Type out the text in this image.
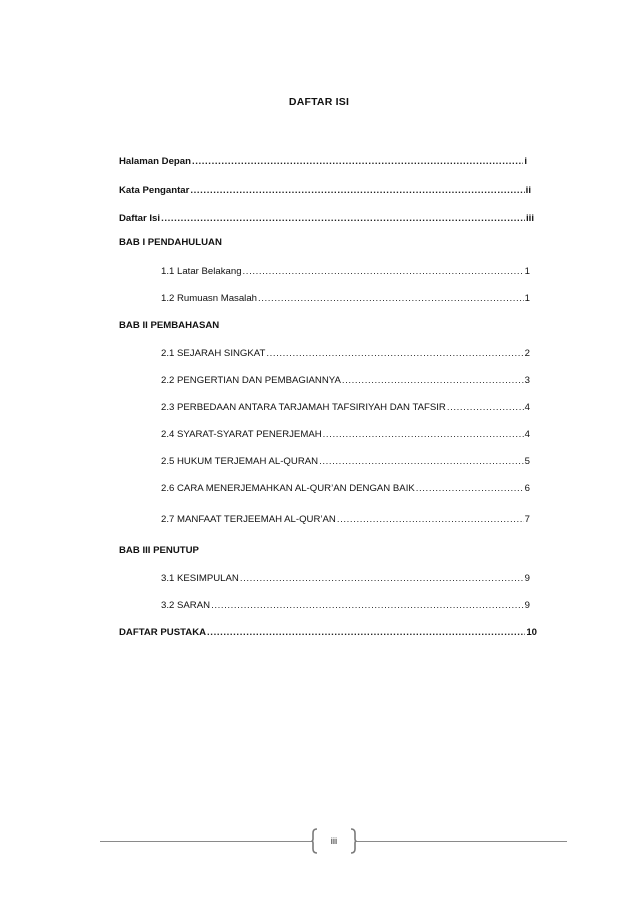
DAFTAR ISI
Halaman Depan .....	i
Kata Pengantar .....	ii
Daftar Isi .....	iii
BAB I PENDAHULUAN
1.1 Latar Belakang .....	1
1.2 Rumuasn Masalah .....	1
BAB II PEMBAHASAN
2.1 SEJARAH SINGKAT .....	2
2.2 PENGERTIAN DAN PEMBAGIANNYA .....	3
2.3 PERBEDAAN ANTARA TARJAMAH TAFSIRIYAH DAN TAFSIR .....	4
2.4 SYARAT-SYARAT PENERJEMAH .....	4
2.5 HUKUM TERJEMAH AL-QURAN .....	5
2.6 CARA MENERJEMAHKAN AL-QUR’AN DENGAN BAIK .....	6
2.7 MANFAAT TERJEEMAH AL-QUR’AN .....	7
BAB III PENUTUP
3.1 KESIMPULAN .....	9
3.2 SARAN .....	9
DAFTAR PUSTAKA .....	10
iii
